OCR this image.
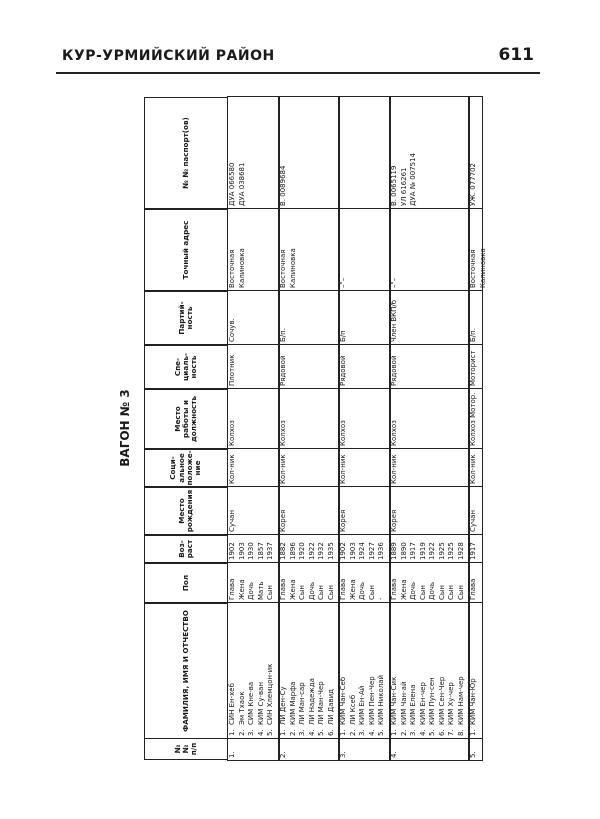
КУР-УРМИЙСКИЙ РАЙОН	611
ВАГОН № 3
№ № п/п
ФАМИЛИЯ, ИМЯ И ОТЧЕСТВО
Пол
Воз- раст
Место рождения
Соци- альное положе- ние
Место работы и должность
Спе- циаль- ность
Партий- ность
Точный адрес
№ № паспорт(ов)
1.
1.СИН Ен-хеб
2.Эм Тхаок
3.СИМ Кне-ва
4.КИМ Су-ван
5.СИН Хлемцон-ик
Глава Жена Дочь Мать Сын
1902 1903 1930 1857 1937
Сучан
Кол-ник
Колхоз
Плотник
Сочув.
Восточная Калиновка
ДУА 066580 ДУА 038681
2.
1.ЛИ Ден-Су
2.КИМ Марфа
3.ЛИ Ман-сар
4.ЛИ Надежда
5.ЛИ Ман-Чер
6.ЛИ Давид
Глава Жена Сын Дочь Сын Сын
1882 1896 1920 1922 1932 1935
Корея
Кол-ник
Колхоз
Рядовой
Б/п.
Восточная Калиновка
В. 0089684
3.
1.КИМ Чан-Себ
2.ЛИ Ксеб
3.КИМ Ен-Ай
4.КИМ Пен-Чер
5.КИМ Николай
Глава Жена Дочь Сын -
1902 1903 1924 1927 1936
Корея
Кол-ник
Колхоз
Рядовой
Б/п
–"–
4.
1.КИМ Чан-Сик
2.КИМ Чан-ай
3.КИМ Елена
4.КИМ Ен-чер
5.КИМ Пун-сен
6.КИМ Сен-Чер
7.КИМ Ху-чер
8.КИМ Нам-чер
Глава Жена Дочь Сын Дочь Сын Сын Сын
1889 1890 1917 1919 1922 1925 1925 1928
Корея
Кол-ник
Колхоз
Рядовой
Член ВКП/б
–"–
В. 0065119 УЛ 616261 ДУА № 007514
5.
1.КИМ Чан-Юр
Глава
1917
Сучан
Кол-ник
Колхоз Мотор.
Моторист
Б/п.
Восточная Калиновка
УЖ. 077702
